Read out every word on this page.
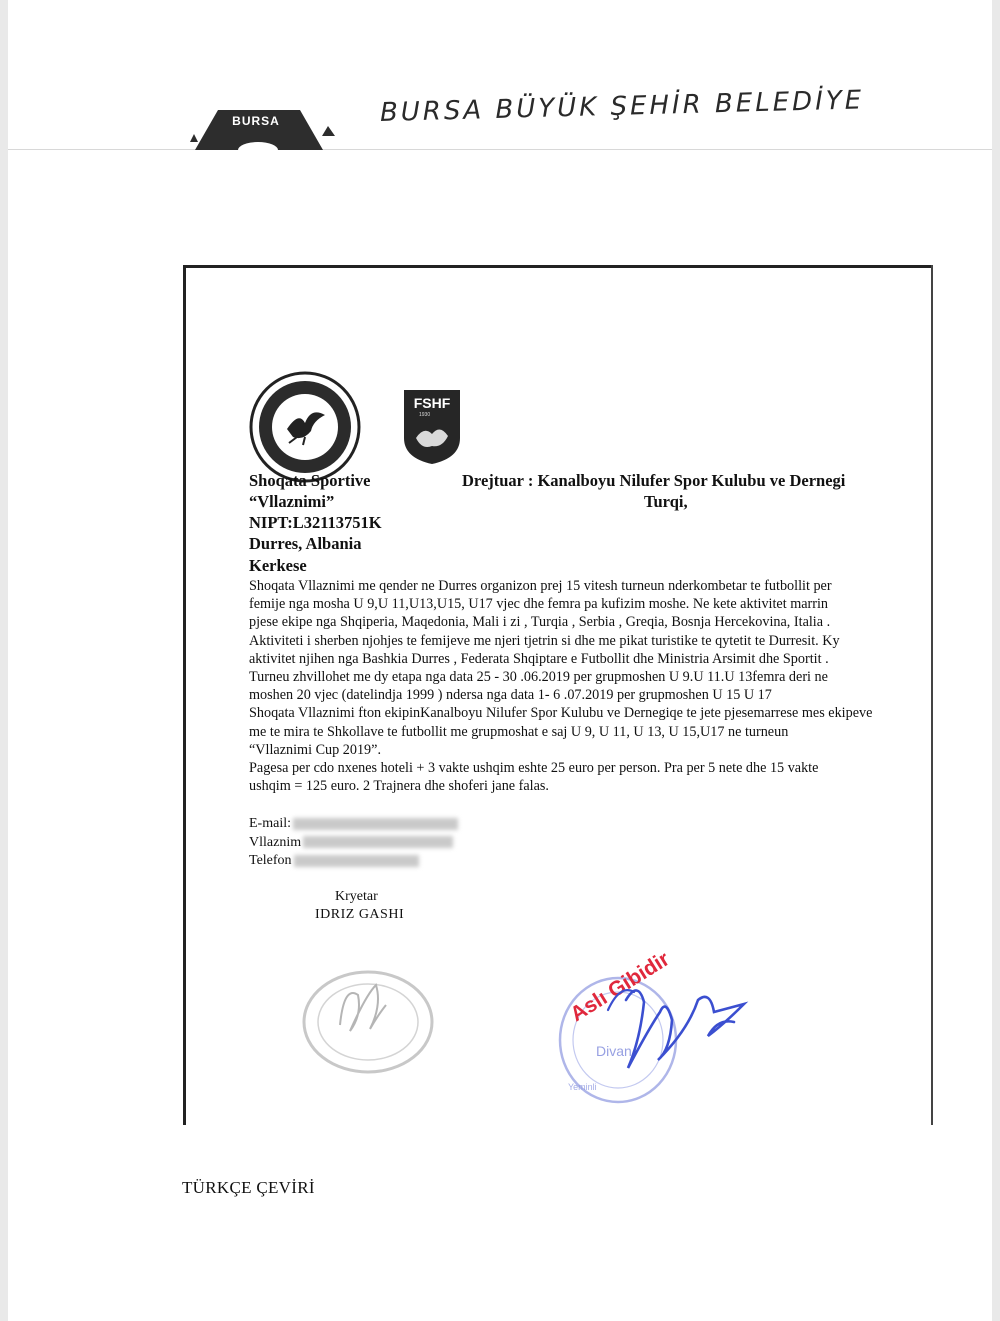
BURSA	BURSA BÜYÜK ŞEHİR BELEDİYE
FSHF
1930
Shoqata Sportive
“Vllaznimi”
NIPT:L32113751K
Durres, Albania
Drejtuar : Kanalboyu Nilufer Spor Kulubu ve Dernegi
Turqi,
Kerkese

Shoqata Vllaznimi me qender ne Durres organizon prej 15 vitesh turneun nderkombetar te futbollit per

femije nga mosha U 9,U 11,U13,U15, U17 vjec dhe femra pa kufizim moshe. Ne kete aktivitet marrin

pjese ekipe nga Shqiperia, Maqedonia, Mali i zi , Turqia , Serbia , Greqia, Bosnja Hercekovina, Italia .

Aktiviteti i sherben njohjes te femijeve me njeri tjetrin si dhe me pikat turistike te qytetit te Durresit. Ky

aktivitet njihen nga Bashkia Durres , Federata Shqiptare e Futbollit dhe Ministria Arsimit dhe Sportit .

Turneu zhvillohet me dy etapa nga data 25 - 30 .06.2019 per grupmoshen U 9.U 11.U 13femra deri ne

moshen 20 vjec (datelindja 1999 ) ndersa nga data 1- 6 .07.2019 per grupmoshen U 15 U 17

Shoqata Vllaznimi fton ekipinKanalboyu Nilufer Spor Kulubu ve Dernegiqe te jete pjesemarrese mes ekipeve

me te mira te Shkollave te futbollit me grupmoshat e saj U 9, U 11, U 13, U 15,U17 ne turneun

“Vllaznimi Cup 2019”.

Pagesa per cdo nxenes hoteli + 3 vakte ushqim eshte 25 euro per person. Pra per 5 nete dhe 15 vakte

ushqim = 125 euro. 2 Trajnera dhe shoferi jane falas.

E-mail:
Vllaznim
Telefon
Kryetar
IDRIZ GASHI
Divan
Yeminli
Aslı Gibidir
TÜRKÇE ÇEVİRİ
